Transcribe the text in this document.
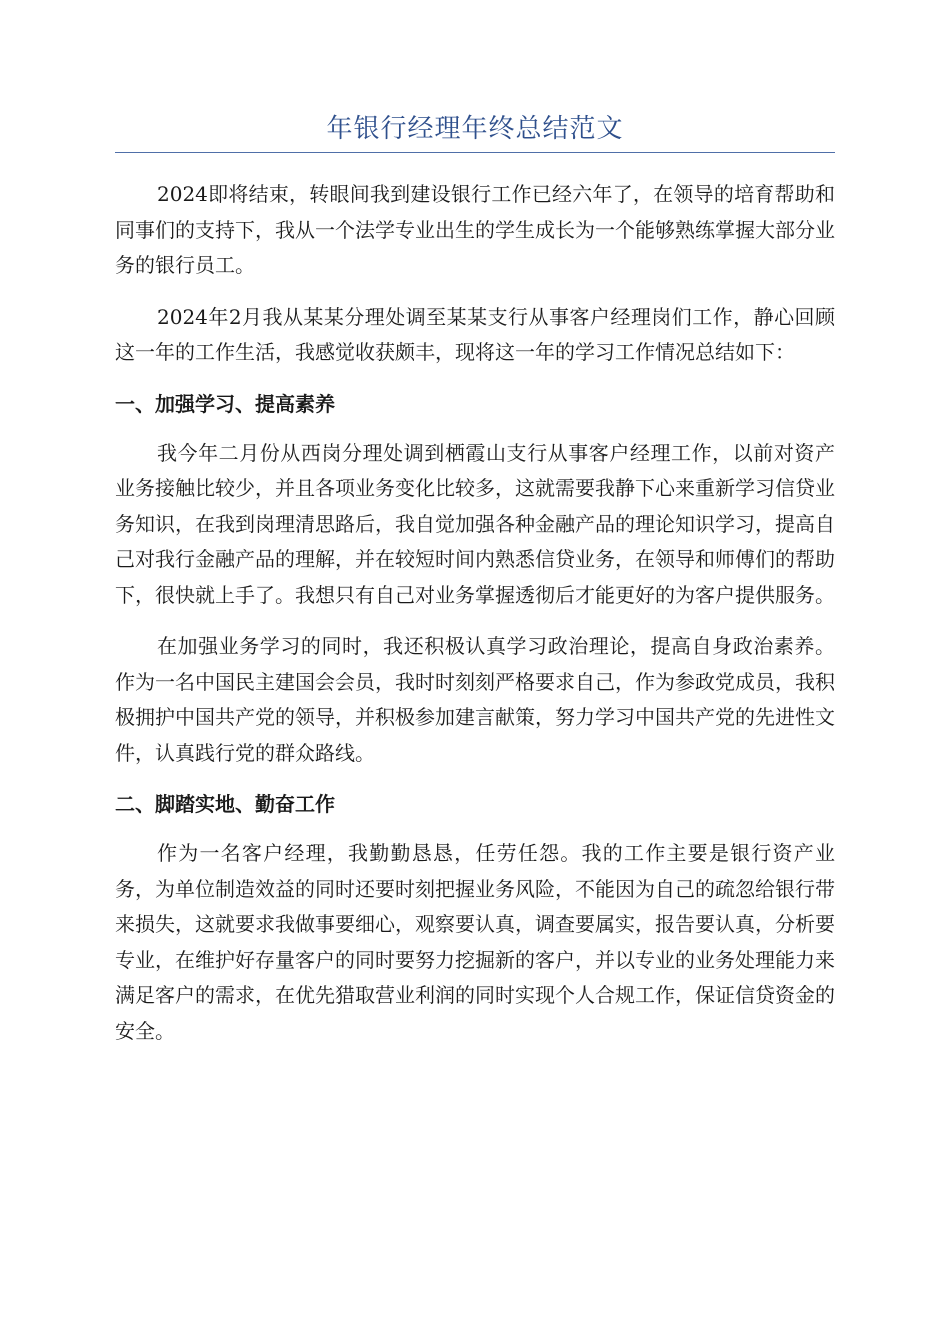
年银行经理年终总结范文

2024即将结束，转眼间我到建设银行工作已经六年了，在领导的培育帮助和同事们的支持下，我从一个法学专业出生的学生成长为一个能够熟练掌握大部分业务的银行员工。

2024年2月我从某某分理处调至某某支行从事客户经理岗们工作，静心回顾这一年的工作生活，我感觉收获颇丰，现将这一年的学习工作情况总结如下：

一、加强学习、提高素养

我今年二月份从西岗分理处调到栖霞山支行从事客户经理工作，以前对资产业务接触比较少，并且各项业务变化比较多，这就需要我静下心来重新学习信贷业务知识，在我到岗理清思路后，我自觉加强各种金融产品的理论知识学习，提高自己对我行金融产品的理解，并在较短时间内熟悉信贷业务，在领导和师傅们的帮助下，很快就上手了。我想只有自己对业务掌握透彻后才能更好的为客户提供服务。

在加强业务学习的同时，我还积极认真学习政治理论，提高自身政治素养。作为一名中国民主建国会会员，我时时刻刻严格要求自己，作为参政党成员，我积极拥护中国共产党的领导，并积极参加建言献策，努力学习中国共产党的先进性文件，认真践行党的群众路线。

二、脚踏实地、勤奋工作

作为一名客户经理，我勤勤恳恳，任劳任怨。我的工作主要是银行资产业务，为单位制造效益的同时还要时刻把握业务风险，不能因为自己的疏忽给银行带来损失，这就要求我做事要细心，观察要认真，调查要属实，报告要认真，分析要专业，在维护好存量客户的同时要努力挖掘新的客户，并以专业的业务处理能力来满足客户的需求，在优先猎取营业利润的同时实现个人合规工作，保证信贷资金的安全。
